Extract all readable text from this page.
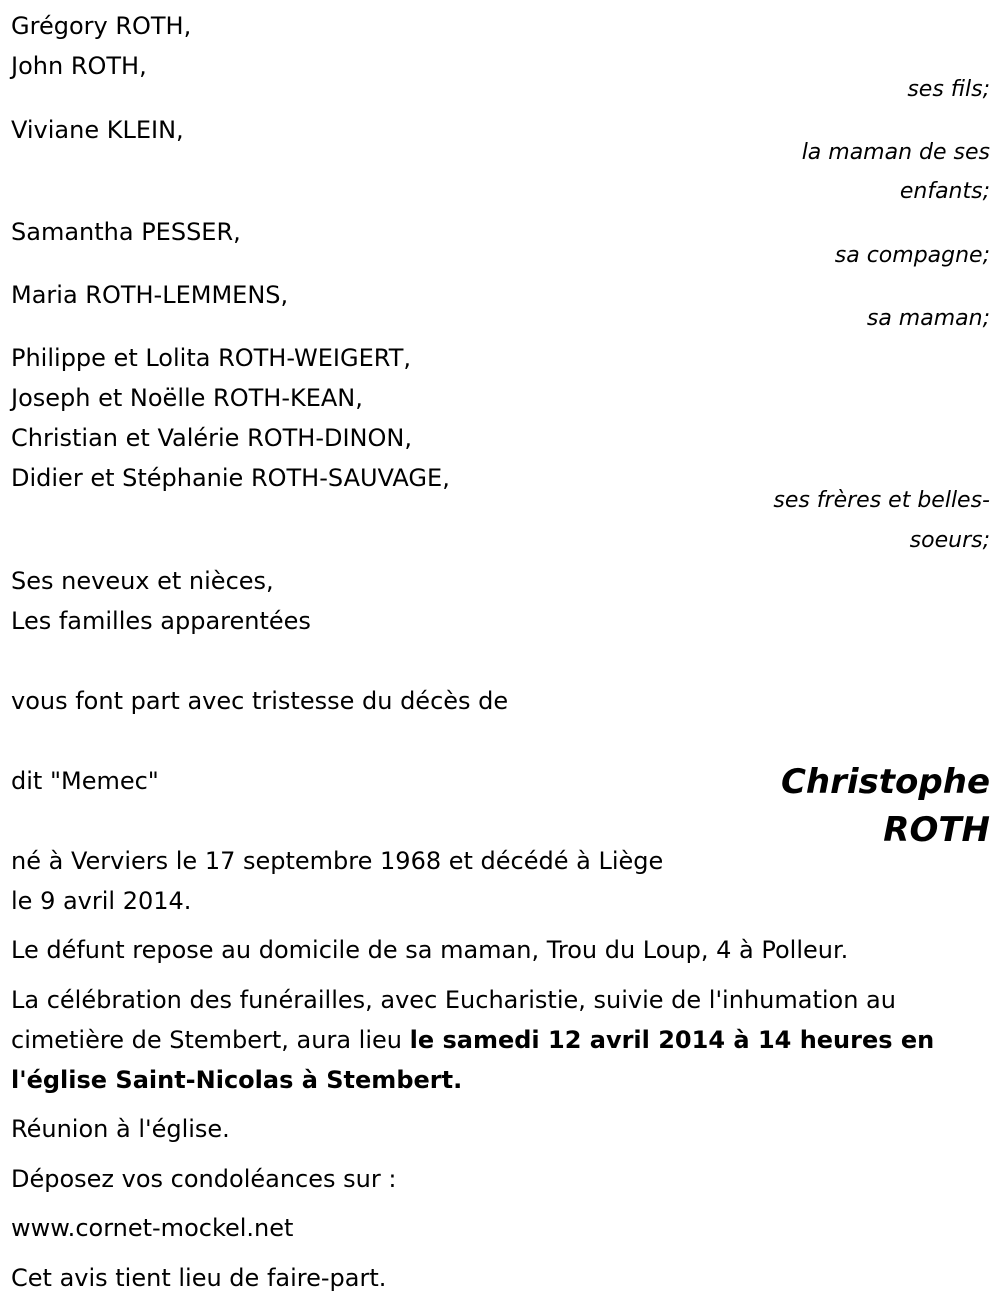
Grégory ROTH,
John ROTH,
ses fils;
Viviane KLEIN,
la maman de ses
enfants;
Samantha PESSER,
sa compagne;
Maria ROTH-LEMMENS,
sa maman;
Philippe et Lolita ROTH-WEIGERT,
Joseph et Noëlle ROTH-KEAN,
Christian et Valérie ROTH-DINON,
Didier et Stéphanie ROTH-SAUVAGE,
ses frères et belles-
soeurs;
Ses neveux et nièces,
Les familles apparentées
vous font part avec tristesse du décès de
dit "Memec"	Christophe
ROTH
né à Verviers le 17 septembre 1968 et décédé à Liège
le 9 avril 2014.
Le défunt repose au domicile de sa maman, Trou du Loup, 4 à Polleur.
La célébration des funérailles, avec Eucharistie, suivie de l'inhumation au cimetière de Stembert, aura lieu le samedi 12 avril 2014 à 14 heures en l'église Saint-Nicolas à Stembert.
Réunion à l'église.
Déposez vos condoléances sur :
www.cornet-mockel.net
Cet avis tient lieu de faire-part.
